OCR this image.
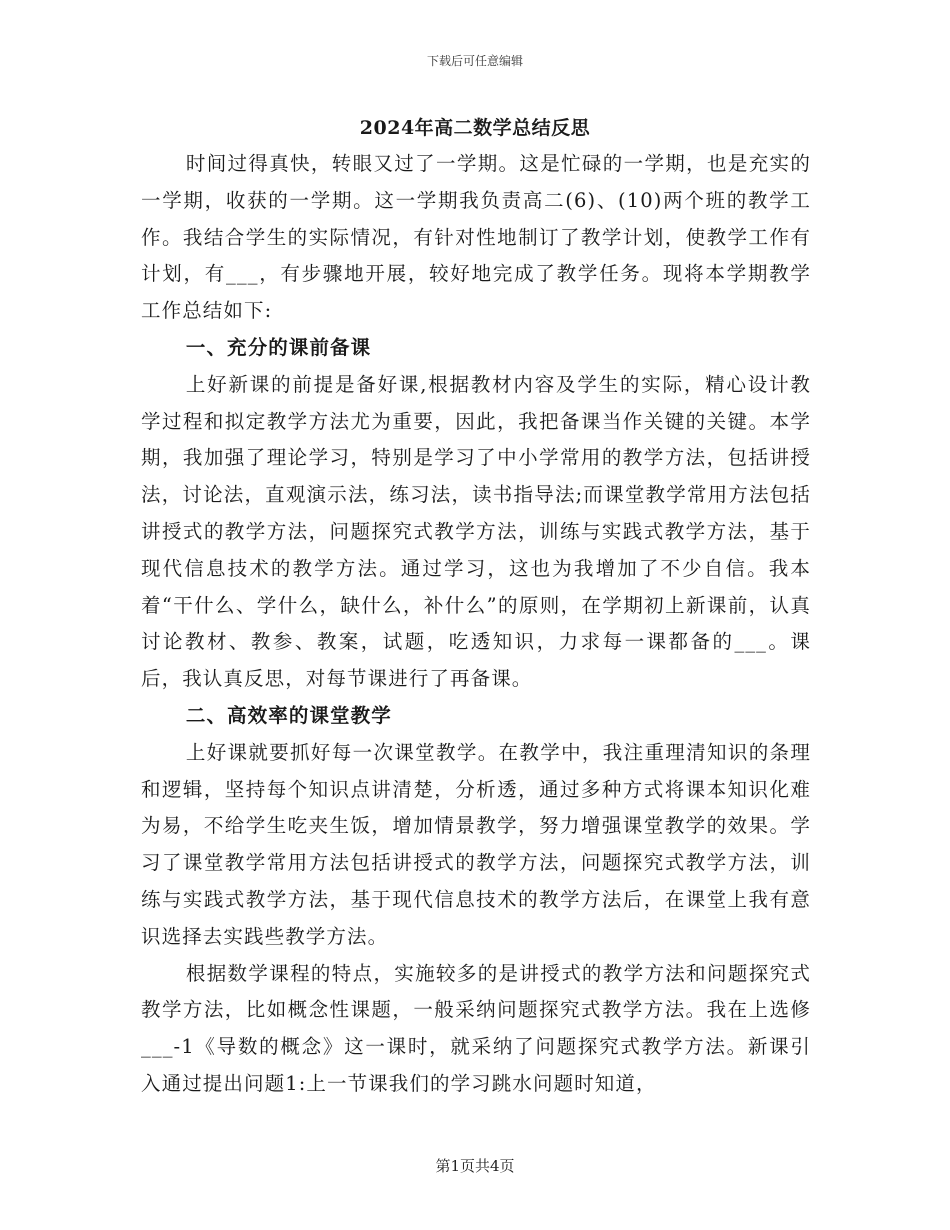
下载后可任意编辑
2024年高二数学总结反思

时间过得真快，转眼又过了一学期。这是忙碌的一学期，也是充实的一学期，收获的一学期。这一学期我负责高二(6)、(10)两个班的教学工作。我结合学生的实际情况，有针对性地制订了教学计划，使教学工作有计划，有___，有步骤地开展，较好地完成了教学任务。现将本学期教学工作总结如下:

一、充分的课前备课

上好新课的前提是备好课,根据教材内容及学生的实际，精心设计教学过程和拟定教学方法尤为重要，因此，我把备课当作关键的关键。本学期，我加强了理论学习，特别是学习了中小学常用的教学方法，包括讲授法，讨论法，直观演示法，练习法，读书指导法;而课堂教学常用方法包括讲授式的教学方法，问题探究式教学方法，训练与实践式教学方法，基于现代信息技术的教学方法。通过学习，这也为我增加了不少自信。我本着“干什么、学什么，缺什么，补什么”的原则，在学期初上新课前，认真讨论教材、教参、教案，试题，吃透知识，力求每一课都备的___。课后，我认真反思，对每节课进行了再备课。

二、高效率的课堂教学

上好课就要抓好每一次课堂教学。在教学中，我注重理清知识的条理和逻辑，坚持每个知识点讲清楚，分析透，通过多种方式将课本知识化难为易，不给学生吃夹生饭，增加情景教学，努力增强课堂教学的效果。学习了课堂教学常用方法包括讲授式的教学方法，问题探究式教学方法，训练与实践式教学方法，基于现代信息技术的教学方法后，在课堂上我有意识选择去实践些教学方法。

根据数学课程的特点，实施较多的是讲授式的教学方法和问题探究式教学方法，比如概念性课题，一般采纳问题探究式教学方法。我在上选修___-1《导数的概念》这一课时，就采纳了问题探究式教学方法。新课引入通过提出问题1:上一节课我们的学习跳水问题时知道，

第1页共4页
